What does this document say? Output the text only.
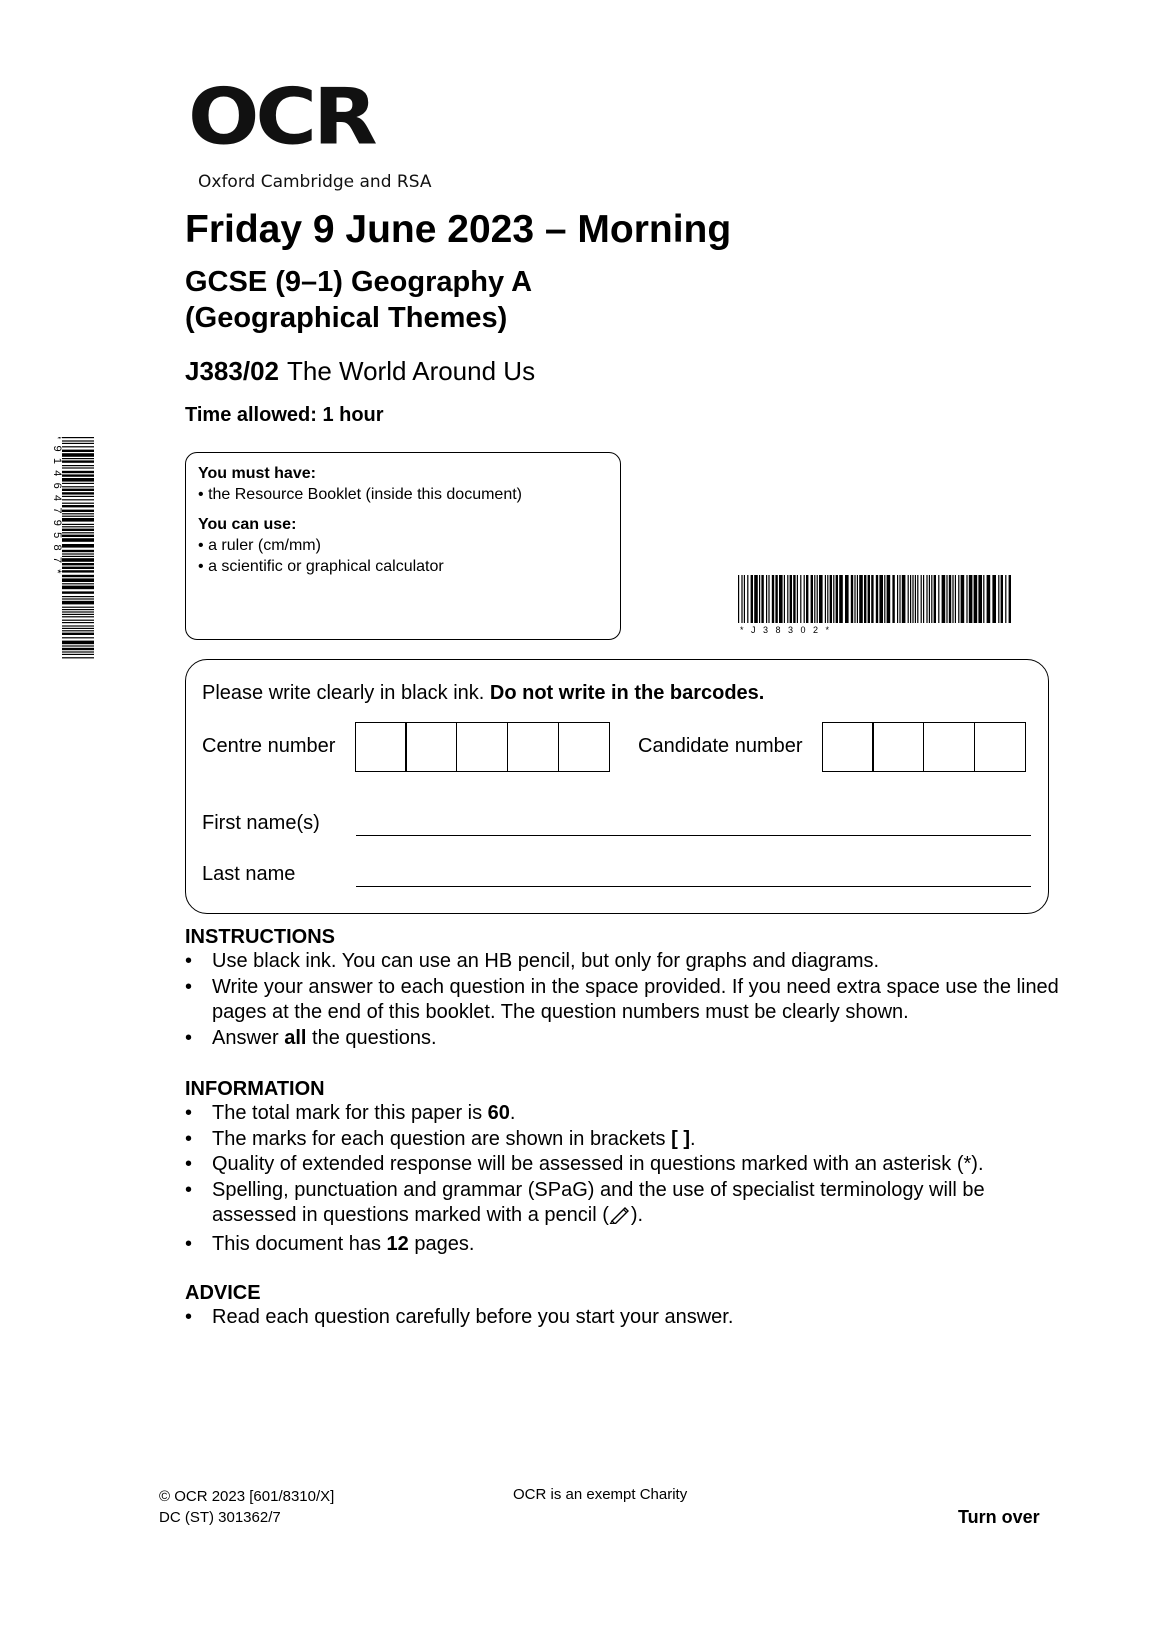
OCR
Oxford Cambridge and RSA
Friday 9 June 2023 – Morning
GCSE (9–1) Geography A
(Geographical Themes)
J383/02 The World Around Us
Time allowed: 1 hour
* 9 1 4 6 4 7 9 5 8 7 *	You must have:
• the Resource Booklet (inside this document)
You can use:
• a ruler (cm/mm)
• a scientific or graphical calculator
* J 3 8 3 0 2 *
Please write clearly in black ink. Do not write in the barcodes.
Centre number	Candidate number
First name(s)
Last name
INSTRUCTIONS
• Use black ink. You can use an HB pencil, but only for graphs and diagrams.
• Write your answer to each question in the space provided. If you need extra space use the lined pages at the end of this booklet. The question numbers must be clearly shown.
• Answer all the questions.
INFORMATION
• The total mark for this paper is 60.
• The marks for each question are shown in brackets [ ].
• Quality of extended response will be assessed in questions marked with an asterisk (*).
• Spelling, punctuation and grammar (SPaG) and the use of specialist terminology will be assessed in questions marked with a pencil ( ).
• This document has 12 pages.
ADVICE
• Read each question carefully before you start your answer.
© OCR 2023 [601/8310/X]
DC (ST) 301362/7
OCR is an exempt Charity
Turn over
